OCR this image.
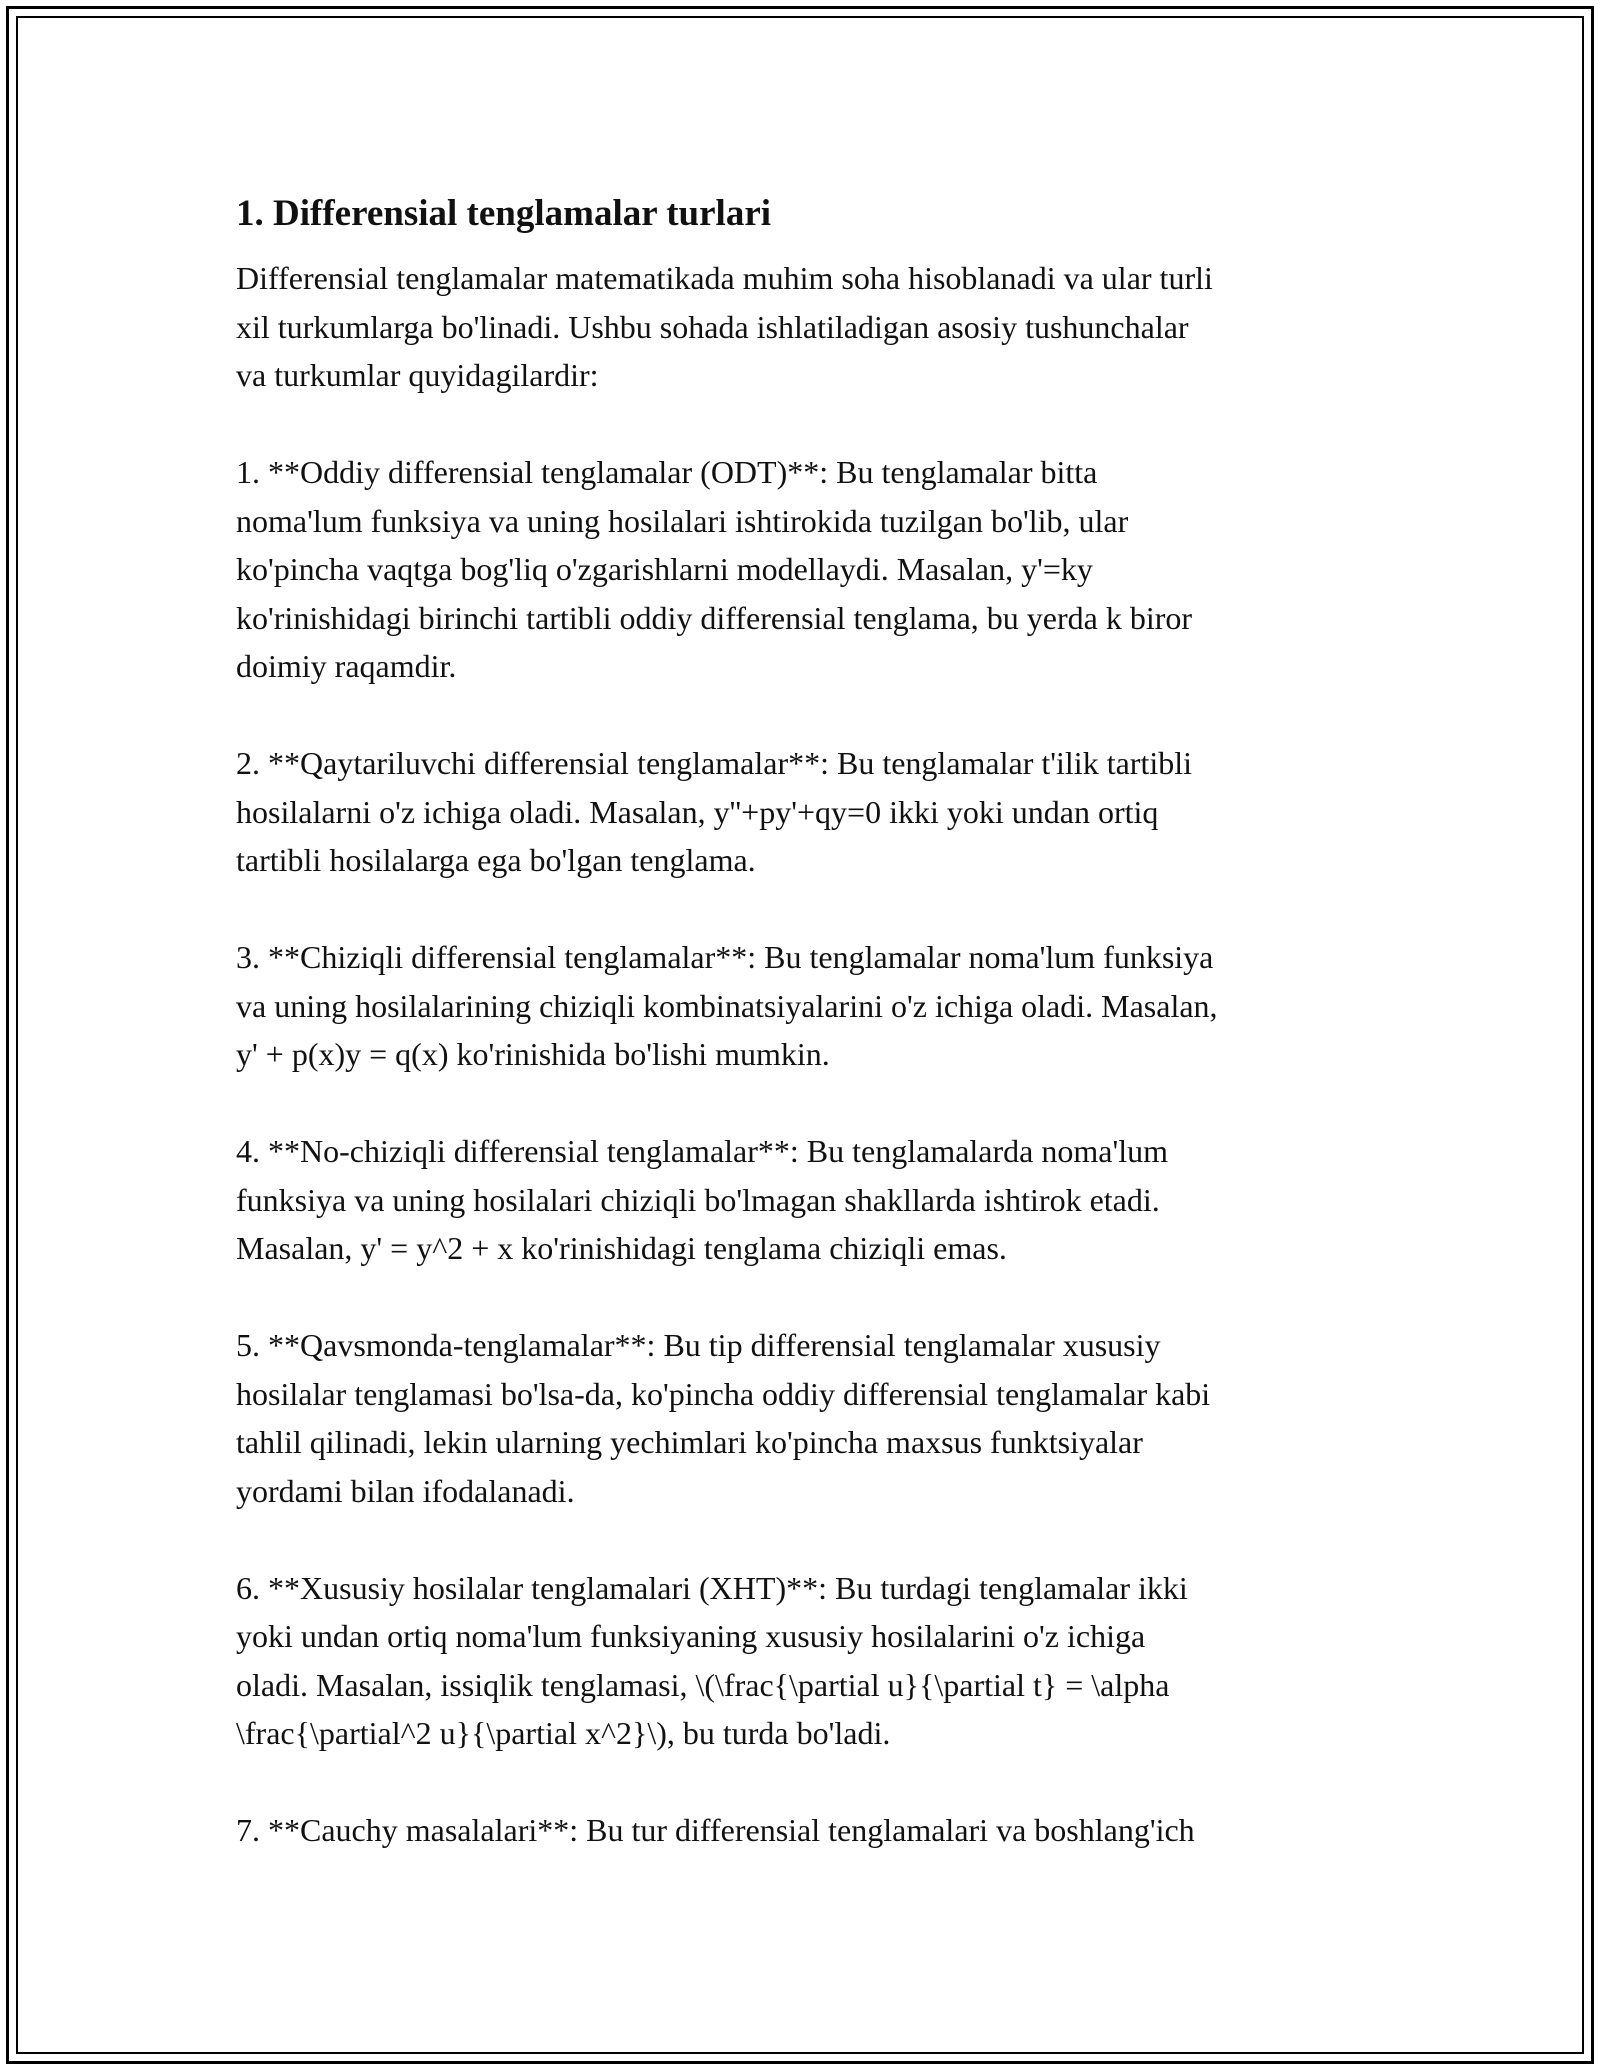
1. Differensial tenglamalar turlari

Differensial tenglamalar matematikada muhim soha hisoblanadi va ular turli
xil turkumlarga bo'linadi. Ushbu sohada ishlatiladigan asosiy tushunchalar
va turkumlar quyidagilardir:

1. **Oddiy differensial tenglamalar (ODT)**: Bu tenglamalar bitta
noma'lum funksiya va uning hosilalari ishtirokida tuzilgan bo'lib, ular
ko'pincha vaqtga bog'liq o'zgarishlarni modellaydi. Masalan, y'=ky
ko'rinishidagi birinchi tartibli oddiy differensial tenglama, bu yerda k biror
doimiy raqamdir.

2. **Qaytariluvchi differensial tenglamalar**: Bu tenglamalar t'ilik tartibli
hosilalarni o'z ichiga oladi. Masalan, y''+py'+qy=0 ikki yoki undan ortiq
tartibli hosilalarga ega bo'lgan tenglama.

3. **Chiziqli differensial tenglamalar**: Bu tenglamalar noma'lum funksiya
va uning hosilalarining chiziqli kombinatsiyalarini o'z ichiga oladi. Masalan,
y' + p(x)y = q(x) ko'rinishida bo'lishi mumkin.

4. **No-chiziqli differensial tenglamalar**: Bu tenglamalarda noma'lum
funksiya va uning hosilalari chiziqli bo'lmagan shakllarda ishtirok etadi.
Masalan, y' = y^2 + x ko'rinishidagi tenglama chiziqli emas.

5. **Qavsmonda-tenglamalar**: Bu tip differensial tenglamalar xususiy
hosilalar tenglamasi bo'lsa-da, ko'pincha oddiy differensial tenglamalar kabi
tahlil qilinadi, lekin ularning yechimlari ko'pincha maxsus funktsiyalar
yordami bilan ifodalanadi.

6. **Xususiy hosilalar tenglamalari (XHT)**: Bu turdagi tenglamalar ikki
yoki undan ortiq noma'lum funksiyaning xususiy hosilalarini o'z ichiga
oladi. Masalan, issiqlik tenglamasi, \(\frac{\partial u}{\partial t} = \alpha
\frac{\partial^2 u}{\partial x^2}\), bu turda bo'ladi.

7. **Cauchy masalalari**: Bu tur differensial tenglamalari va boshlang'ich
